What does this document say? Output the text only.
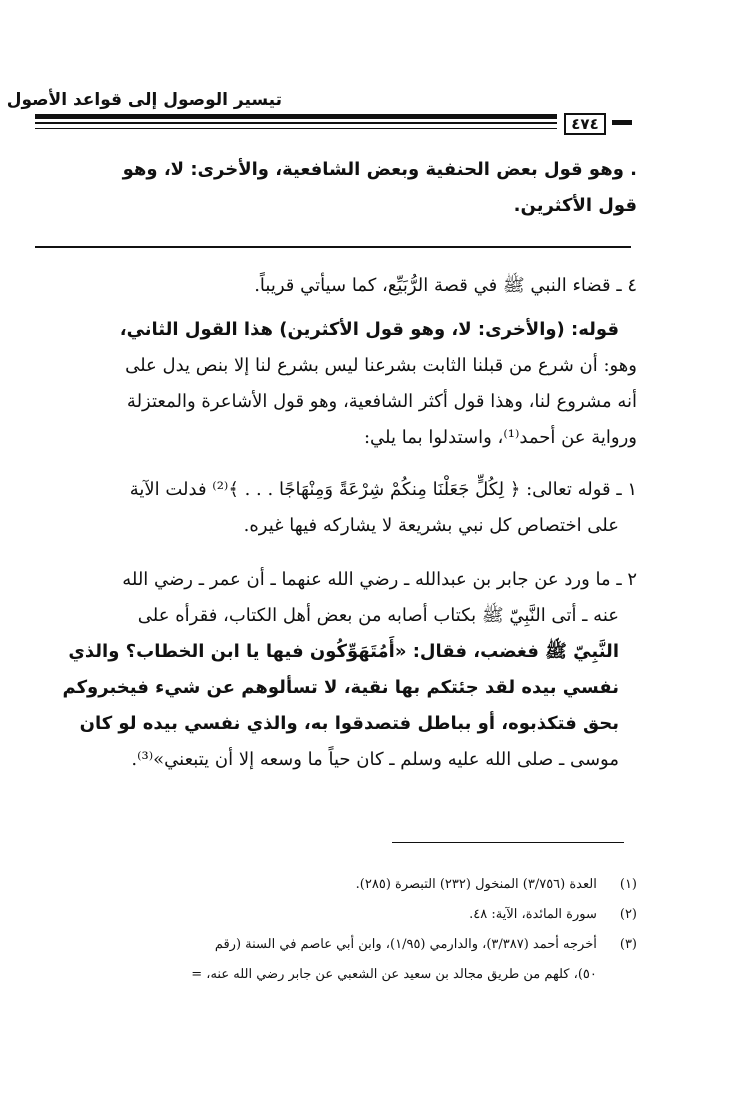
تيسير الوصول إلى قواعد الأصول
٤٧٤
. وهو قول بعض الحنفية وبعض الشافعية، والأخرى: لا، وهو
قول الأكثرين.
٤ ـ قضاء النبي ﷺ في قصة الرُّبَيِّع، كما سيأتي قريباً.
قوله: (والأخرى: لا، وهو قول الأكثرين) هذا القول الثاني،
وهو: أن شرع من قبلنا الثابت بشرعنا ليس بشرع لنا إلا بنص يدل على
أنه مشروع لنا، وهذا قول أكثر الشافعية، وهو قول الأشاعرة والمعتزلة
ورواية عن أحمد⁽¹⁾، واستدلوا بما يلي:
١ ـ قوله تعالى: ﴿ لِكُلٍّ جَعَلْنَا مِنكُمْ شِرْعَةً وَمِنْهَاجًا . . . ﴾⁽²⁾ فدلت الآية
على اختصاص كل نبي بشريعة لا يشاركه فيها غيره.
٢ ـ ما ورد عن جابر بن عبدالله ـ رضي الله عنهما ـ أن عمر ـ رضي الله
عنه ـ أتى النَّبِيّ ﷺ بكتاب أصابه من بعض أهل الكتاب، فقرأه على
النَّبِيّ ﷺ فغضب، فقال: «أَمُتَهَوِّكُون فيها يا ابن الخطاب؟ والذي
نفسي بيده لقد جئتكم بها نقية، لا تسألوهم عن شيء فيخبروكم
بحق فتكذبوه، أو بباطل فتصدقوا به، والذي نفسي بيده لو كان
موسى ـ صلى الله عليه وسلم ـ كان حياً ما وسعه إلا أن يتبعني»⁽³⁾.
(١) العدة (٣/٧٥٦) المنخول (٢٣٢) التبصرة (٢٨٥).
(٢) سورة المائدة، الآية: ٤٨.
(٣) أخرجه أحمد (٣/٣٨٧)، والدارمي (١/٩٥)، وابن أبي عاصم في السنة (رقم
٥٠)، كلهم من طريق مجالد بن سعيد عن الشعبي عن جابر رضي الله عنه، =
